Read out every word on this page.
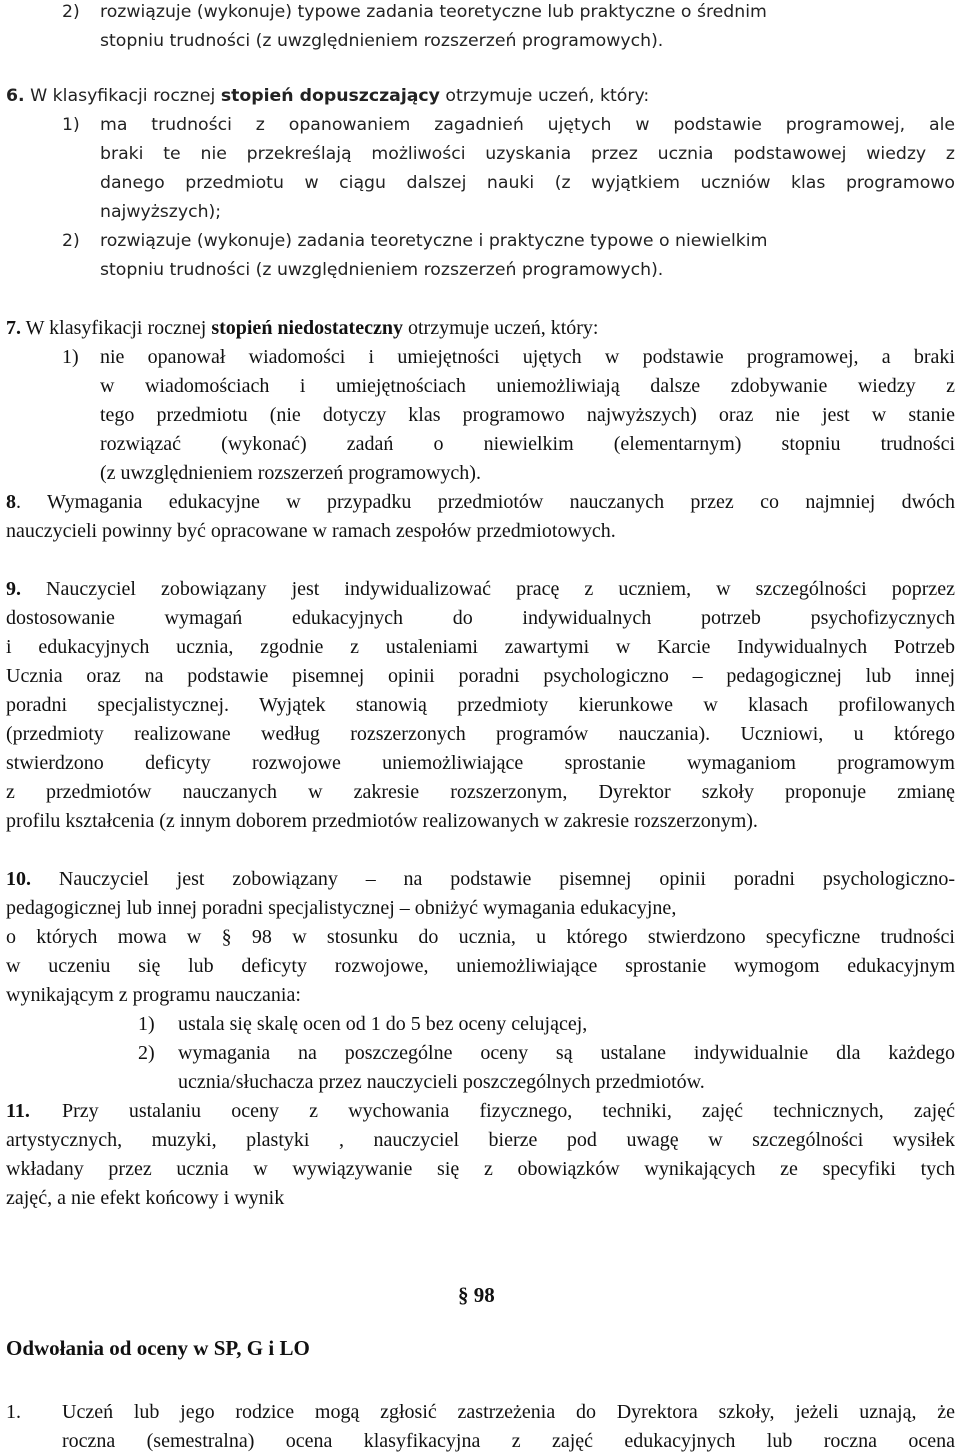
2) rozwiązuje (wykonuje) typowe zadania teoretyczne lub praktyczne o średnim
stopniu trudności (z uwzględnieniem rozszerzeń programowych).
6. W klasyfikacji rocznej stopień dopuszczający otrzymuje uczeń, który:
1) ma trudności z opanowaniem zagadnień ujętych w podstawie programowej, ale
braki te nie przekreślają możliwości uzyskania przez ucznia podstawowej wiedzy z
danego przedmiotu w ciągu dalszej nauki (z wyjątkiem uczniów klas programowo
najwyższych);
2) rozwiązuje (wykonuje) zadania teoretyczne i praktyczne typowe o niewielkim
stopniu trudności (z uwzględnieniem rozszerzeń programowych).
7. W klasyfikacji rocznej stopień niedostateczny otrzymuje uczeń, który:
1) nie opanował wiadomości i umiejętności ujętych w podstawie programowej, a braki
w wiadomościach i umiejętnościach uniemożliwiają dalsze zdobywanie wiedzy z
tego przedmiotu (nie dotyczy klas programowo najwyższych) oraz nie jest w stanie
rozwiązać (wykonać) zadań o niewielkim (elementarnym) stopniu trudności
(z uwzględnieniem rozszerzeń programowych).
8. Wymagania edukacyjne w przypadku przedmiotów nauczanych przez co najmniej dwóch
nauczycieli powinny być opracowane w ramach zespołów przedmiotowych.
9. Nauczyciel zobowiązany jest indywidualizować pracę z uczniem, w szczególności poprzez
dostosowanie wymagań edukacyjnych do indywidualnych potrzeb psychofizycznych
i edukacyjnych ucznia, zgodnie z ustaleniami zawartymi w Karcie Indywidualnych Potrzeb
Ucznia oraz na podstawie pisemnej opinii poradni psychologiczno – pedagogicznej lub innej
poradni specjalistycznej. Wyjątek stanowią przedmioty kierunkowe w klasach profilowanych
(przedmioty realizowane według rozszerzonych programów nauczania). Uczniowi, u którego
stwierdzono deficyty rozwojowe uniemożliwiające sprostanie wymaganiom programowym
z przedmiotów nauczanych w zakresie rozszerzonym, Dyrektor szkoły proponuje zmianę
profilu kształcenia (z innym doborem przedmiotów realizowanych w zakresie rozszerzonym).
10. Nauczyciel jest zobowiązany – na podstawie pisemnej opinii poradni psychologiczno-
pedagogicznej lub innej poradni specjalistycznej – obniżyć wymagania edukacyjne,
o których mowa w § 98 w stosunku do ucznia, u którego stwierdzono specyficzne trudności
w uczeniu się lub deficyty rozwojowe, uniemożliwiające sprostanie wymogom edukacyjnym
wynikającym z programu nauczania:
1) ustala się skalę ocen od 1 do 5 bez oceny celującej,
2) wymagania na poszczególne oceny są ustalane indywidualnie dla każdego
ucznia/słuchacza przez nauczycieli poszczególnych przedmiotów.
11. Przy ustalaniu oceny z wychowania fizycznego, techniki, zajęć technicznych, zajęć
artystycznych, muzyki, plastyki , nauczyciel bierze pod uwagę w szczególności wysiłek
wkładany przez ucznia w wywiązywanie się z obowiązków wynikających ze specyfiki tych
zajęć, a nie efekt końcowy i wynik
§ 98
Odwołania od oceny w SP, G i LO
1. Uczeń lub jego rodzice mogą zgłosić zastrzeżenia do Dyrektora szkoły, jeżeli uznają, że
roczna (semestralna) ocena klasyfikacyjna z zajęć edukacyjnych lub roczna ocena
